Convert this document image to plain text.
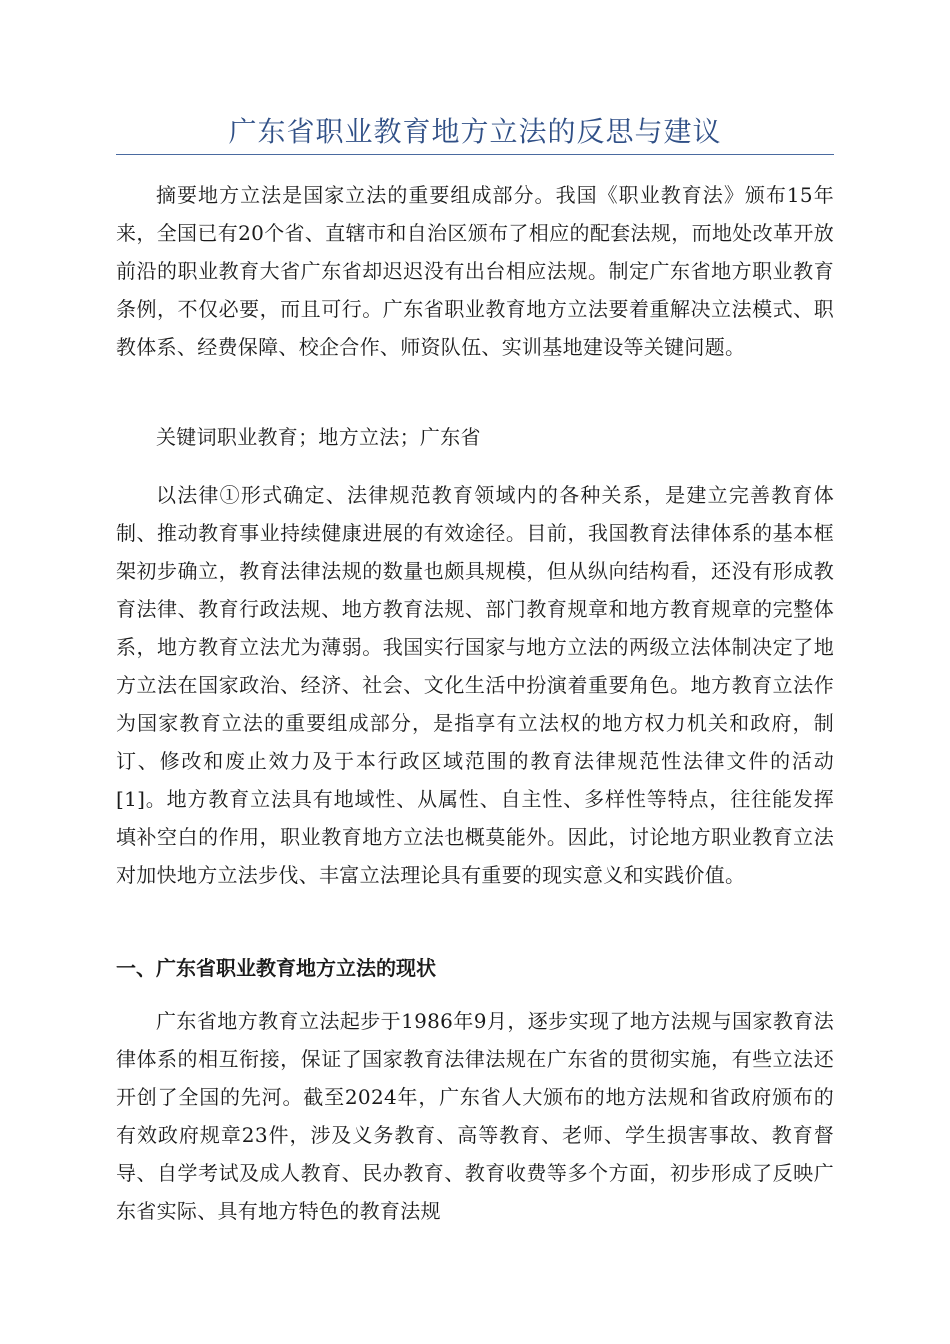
广东省职业教育地方立法的反思与建议

摘要地方立法是国家立法的重要组成部分。我国《职业教育法》颁布15年来，全国已有20个省、直辖市和自治区颁布了相应的配套法规，而地处改革开放前沿的职业教育大省广东省却迟迟没有出台相应法规。制定广东省地方职业教育条例，不仅必要，而且可行。广东省职业教育地方立法要着重解决立法模式、职教体系、经费保障、校企合作、师资队伍、实训基地建设等关键问题。

关键词职业教育；地方立法；广东省

以法律①形式确定、法律规范教育领域内的各种关系，是建立完善教育体制、推动教育事业持续健康进展的有效途径。目前，我国教育法律体系的基本框架初步确立，教育法律法规的数量也颇具规模，但从纵向结构看，还没有形成教育法律、教育行政法规、地方教育法规、部门教育规章和地方教育规章的完整体系，地方教育立法尤为薄弱。我国实行国家与地方立法的两级立法体制决定了地方立法在国家政治、经济、社会、文化生活中扮演着重要角色。地方教育立法作为国家教育立法的重要组成部分，是指享有立法权的地方权力机关和政府，制订、修改和废止效力及于本行政区域范围的教育法律规范性法律文件的活动[1]。地方教育立法具有地域性、从属性、自主性、多样性等特点，往往能发挥填补空白的作用，职业教育地方立法也概莫能外。因此，讨论地方职业教育立法对加快地方立法步伐、丰富立法理论具有重要的现实意义和实践价值。

一、广东省职业教育地方立法的现状

广东省地方教育立法起步于1986年9月，逐步实现了地方法规与国家教育法律体系的相互衔接，保证了国家教育法律法规在广东省的贯彻实施，有些立法还开创了全国的先河。截至2024年，广东省人大颁布的地方法规和省政府颁布的有效政府规章23件，涉及义务教育、高等教育、老师、学生损害事故、教育督导、自学考试及成人教育、民办教育、教育收费等多个方面，初步形成了反映广东省实际、具有地方特色的教育法规
